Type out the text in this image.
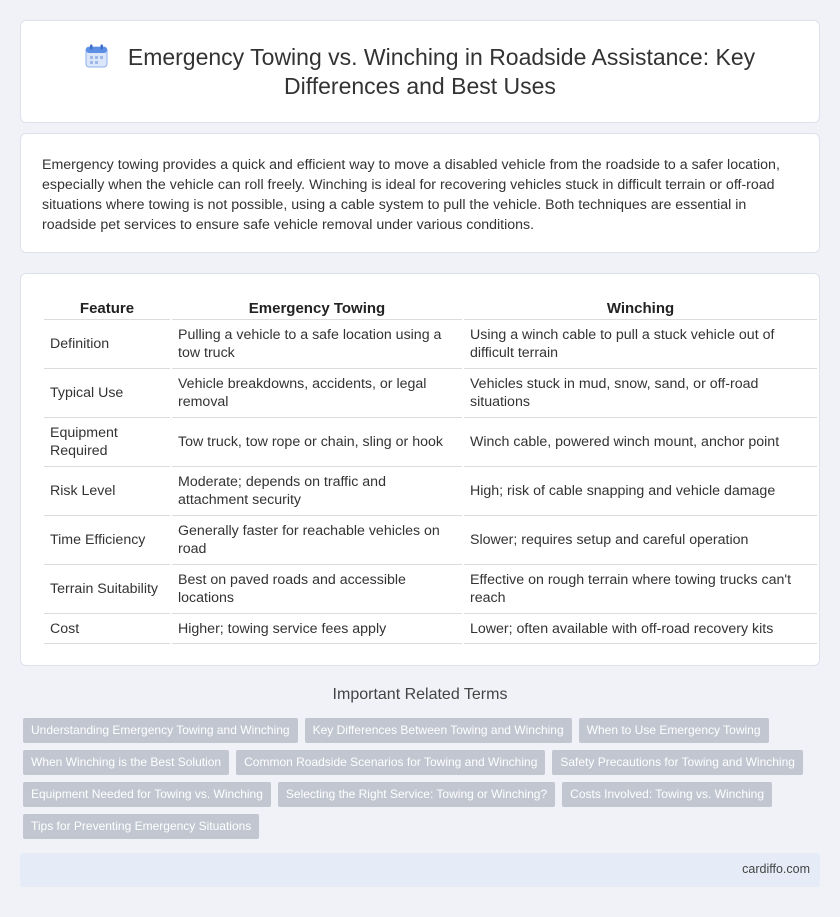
Emergency Towing vs. Winching in Roadside Assistance: Key Differences and Best Uses

Emergency towing provides a quick and efficient way to move a disabled vehicle from the roadside to a safer location, especially when the vehicle can roll freely. Winching is ideal for recovering vehicles stuck in difficult terrain or off-road situations where towing is not possible, using a cable system to pull the vehicle. Both techniques are essential in roadside pet services to ensure safe vehicle removal under various conditions.

Feature	Emergency Towing	Winching
Definition	Pulling a vehicle to a safe location using a tow truck	Using a winch cable to pull a stuck vehicle out of difficult terrain
Typical Use	Vehicle breakdowns, accidents, or legal removal	Vehicles stuck in mud, snow, sand, or off-road situations
Equipment Required	Tow truck, tow rope or chain, sling or hook	Winch cable, powered winch mount, anchor point
Risk Level	Moderate; depends on traffic and attachment security	High; risk of cable snapping and vehicle damage
Time Efficiency	Generally faster for reachable vehicles on road	Slower; requires setup and careful operation
Terrain Suitability	Best on paved roads and accessible locations	Effective on rough terrain where towing trucks can't reach
Cost	Higher; towing service fees apply	Lower; often available with off-road recovery kits
Important Related Terms
Understanding Emergency Towing and Winching	Key Differences Between Towing and Winching	When to Use Emergency Towing
When Winching is the Best Solution	Common Roadside Scenarios for Towing and Winching	Safety Precautions for Towing and Winching
Equipment Needed for Towing vs. Winching	Selecting the Right Service: Towing or Winching?	Costs Involved: Towing vs. Winching
Tips for Preventing Emergency Situations
cardiffo.com
